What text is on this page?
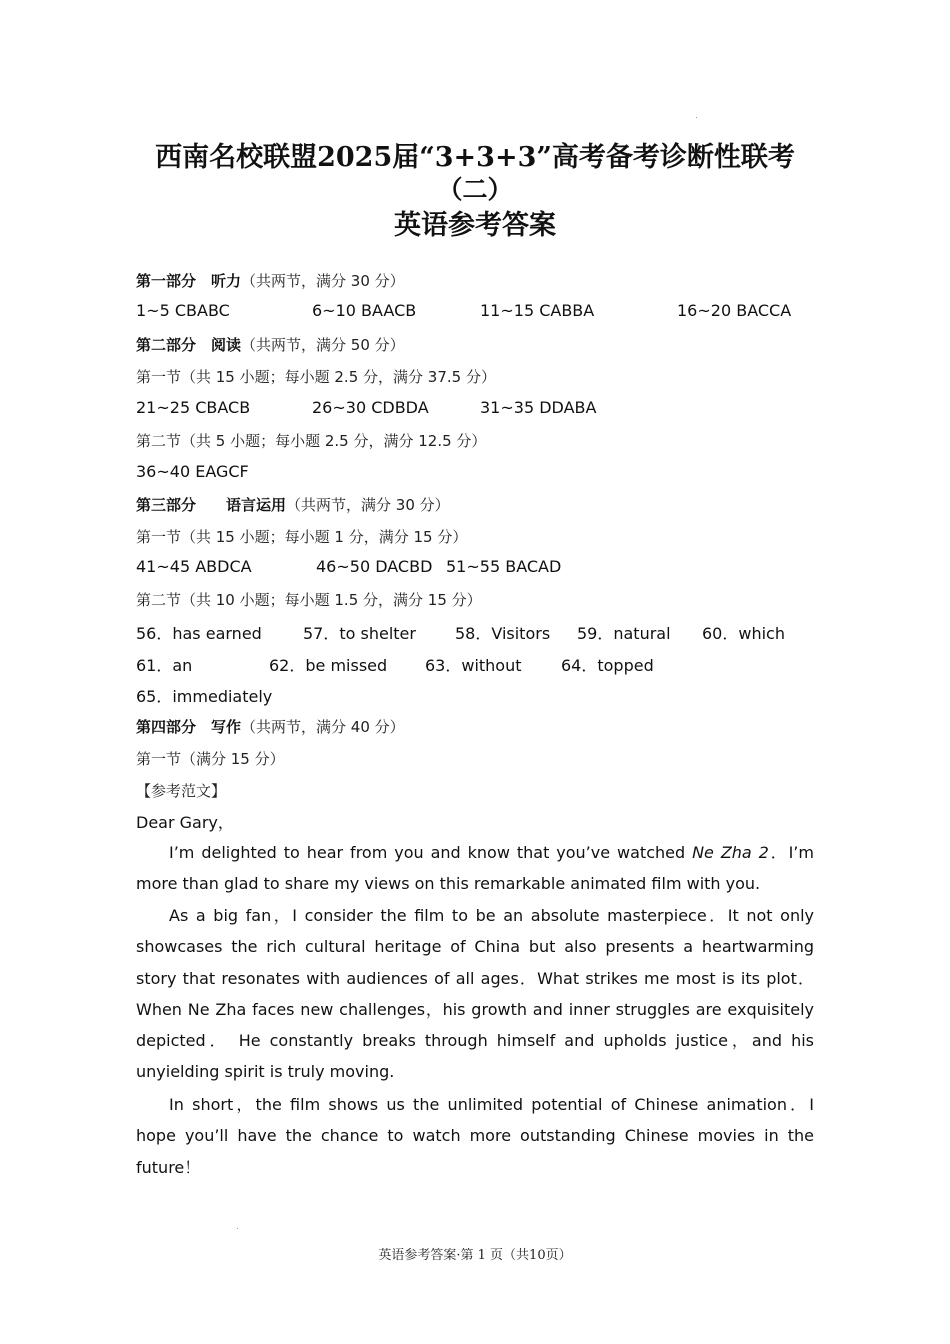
西南名校联盟2025届“3+3+3”高考备考诊断性联考
（二）
英语参考答案
第一部分　听力（共两节，满分 30 分）
1~5 CBABC	6~10 BAACB	11~15 CABBA	16~20 BACCA
第二部分　阅读（共两节，满分 50 分）
第一节（共 15 小题；每小题 2.5 分，满分 37.5 分）
21~25 CBACB	26~30 CDBDA	31~35 DDABA
第二节（共 5 小题；每小题 2.5 分，满分 12.5 分）
36~40 EAGCF
第三部分　　语言运用（共两节，满分 30 分）
第一节（共 15 小题；每小题 1 分，满分 15 分）
41~45 ABDCA	46~50 DACBD 51~55 BACAD
第二节（共 10 小题；每小题 1.5 分，满分 15 分）
56．has earned	57．to shelter 58．Visitors 59．natural 60．which
61．an	62．be missed 63．without 64．topped
65．immediately
第四部分　写作（共两节，满分 40 分）
第一节（满分 15 分）
【参考范文】
Dear Gary，
I’m delighted to hear from you and know that you’ve watched Ne Zha 2．I’m more than glad to share my views on this remarkable animated film with you.
As a big fan，I consider the film to be an absolute masterpiece．It not only showcases the rich cultural heritage of China but also presents a heartwarming story that resonates with audiences of all ages．What strikes me most is its plot．When Ne Zha faces new challenges，his growth and inner struggles are exquisitely depicted． He constantly breaks through himself and upholds justice，and his unyielding spirit is truly moving.
In short，the film shows us the unlimited potential of Chinese animation．I hope you’ll have the chance to watch more outstanding Chinese movies in the future！
英语参考答案·第 1 页（共10页）
